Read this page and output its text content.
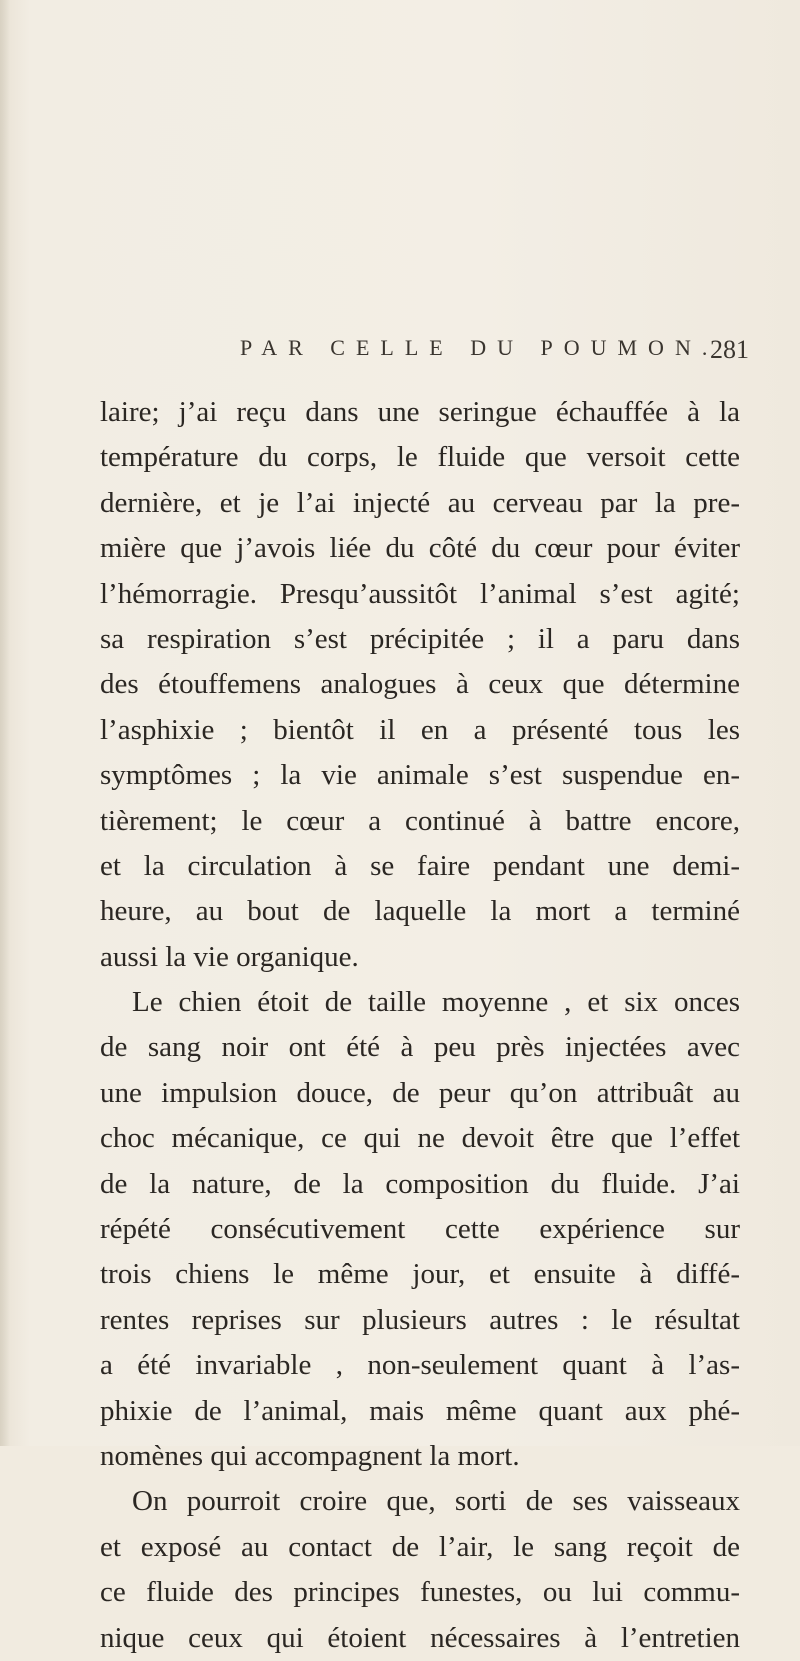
PAR CELLE DU POUMON.
281
laire; j’ai reçu dans une seringue échauffée à la
température du corps, le fluide que versoit cette
dernière, et je l’ai injecté au cerveau par la pre-
mière que j’avois liée du côté du cœur pour éviter
l’hémorragie. Presqu’aussitôt l’animal s’est agité;
sa respiration s’est précipitée ; il a paru dans
des étouffemens analogues à ceux que détermine
l’asphixie ; bientôt il en a présenté tous les
symptômes ; la vie animale s’est suspendue en-
tièrement; le cœur a continué à battre encore,
et la circulation à se faire pendant une demi-
heure, au bout de laquelle la mort a terminé
aussi la vie organique.
Le chien étoit de taille moyenne , et six onces
de sang noir ont été à peu près injectées avec
une impulsion douce, de peur qu’on attribuât au
choc mécanique, ce qui ne devoit être que l’effet
de la nature, de la composition du fluide. J’ai
répété consécutivement cette expérience sur
trois chiens le même jour, et ensuite à diffé-
rentes reprises sur plusieurs autres : le résultat
a été invariable , non-seulement quant à l’as-
phixie de l’animal, mais même quant aux phé-
nomènes qui accompagnent la mort.
On pourroit croire que, sorti de ses vaisseaux
et exposé au contact de l’air, le sang reçoit de
ce fluide des principes funestes, ou lui commu-
nique ceux qui étoient nécessaires à l’entretien
